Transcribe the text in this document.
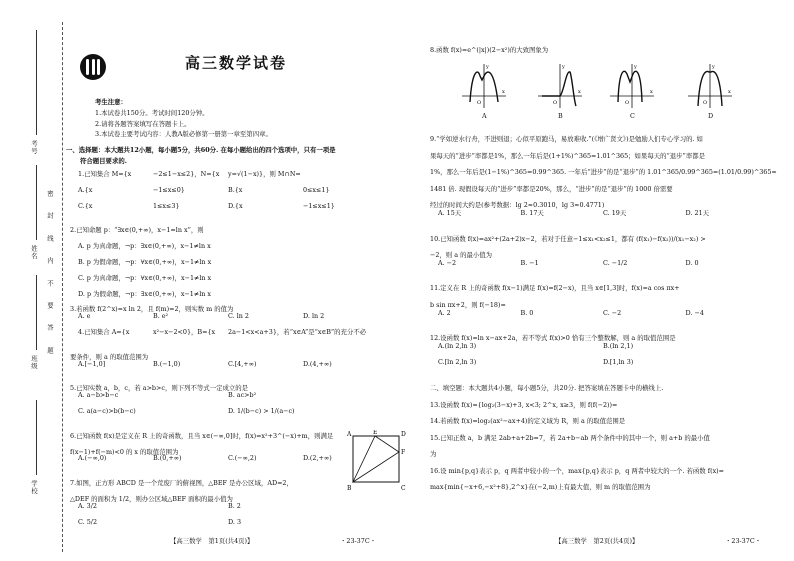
密封线内不要答题
考号
姓名
班级
学校
高三数学试卷
考生注意：
1.本试卷共150分。考试时间120分钟。
2.请将各题答案填写在答题卡上。
3.本试卷主要考试内容：人教A版必修第一册第一章至第四章。
一、选择题：本大题共12小题，每小题5分，共60分. 在每小题给出的四个选项中，只有一项是
符合题目要求的.
1.已知集合 M={x	−2≤1−x≤2}，N={x y=√(1−x)}，则 M∩N=
A.{x	−1≤x≤0}	B.{x	0≤x≤1}
C.{x	1≤x≤3}	D.{x	−1≤x≤1}
2.已知命题 p：“∃x∈(0,+∞)，x−1=ln x”，则
A. p 为真命题，¬p：∃x∈(0,+∞)，x−1≠ln x
B. p 为假命题，¬p：∀x∈(0,+∞)，x−1≠ln x
C. p 为真命题，¬p：∀x∈(0,+∞)，x−1≠ln x
D. p 为假命题，¬p：∃x∈(0,+∞)，x−1≠ln x
3.若函数 f(2^x)=x ln 2，且 f(m)=2，则实数 m 的值为
A. e	B. e²	C. ln 2	D. ln 2
4.已知集合 A={x	x²−x−2<0}，B={x 2a−1<x<a+3}，若“x∈A”是“x∈B”的充分不必
要条件，则 a 的取值范围为
A.[−1,0]	B.(−1,0)	C.[4,+∞)	D.(4,+∞)
5.已知实数 a，b，c，若 a>b>c，则下列不等式一定成立的是
A. a−b>b−c	B. ac>b²
C. a(a−c)>b(b−c)	D. 1/(b−c) > 1/(a−c)
6.已知函数 f(x)是定义在 R 上的奇函数，且当 x∈(−∞,0]时，f(x)=x²+3^(−x)+m，则满足
f(x−1)+f(−m)<0 的 x 的取值范围为
A.(−∞,0)	B.(0,+∞)	C.(−∞,2)	D.(2,+∞)
7.如图，正方形 ABCD 是一个荒废厂的俯视图，△BEF 是办公区域，AD=2，
△DEF 的面积为 1/2，则办公区域△BEF 面积的最小值为
A. 3/2	B. 2
C. 5/2	D. 3
A	D
E
F
B	C
8.函数 f(x)=e^(|x|)(2−x²)的大致图象为
O
x
y
A
O
x
y
B
O
x
y
C
O
x
y
D
9.“学如逆水行舟，不进则退；心似平原跑马，易放难收.”(《增广贤文》)是勉励人们专心学习的. 如
果每天的“进步”率都是1%，那么一年后是(1+1%)^365=1.01^365；如果每天的“退步”率都是
1%，那么一年后是(1−1%)^365=0.99^365. 一年后“进步”的是“退步”的 1.01^365/0.99^365=(1.01/0.99)^365≈
1481 倍. 现假设每天的“进步”率都是20%，那么，“进步”的是“退步”的 1000 倍需要
经过的时间大约是(参考数据：lg 2≈0.3010，lg 3≈0.4771)
A. 15天	B. 17天	C. 19天	D. 21天
10.已知函数 f(x)=ax²+(2a+2)x−2，若对于任意−1≤x₁<x₂≤1，都有 (f(x₁)−f(x₂))/(x₁−x₂) >
−2，则 a 的最小值为
A. −2	B. −1	C. −1/2	D. 0
11.定义在 R 上的奇函数 f(x−1)满足 f(x)=f(2−x)，且当 x∈[1,3]时，f(x)=a cos πx+
b sin πx+2，则 f(−18)=
A. 2	B. 0	C. −2	D. −4
12.设函数 f(x)=ln x−ax+2a，若不等式 f(x)>0 恰有三个整数解，则 a 的取值范围是
A.(ln 2,ln 3)	B.(ln 2,1)
C.[ln 2,ln 3)	D.[1,ln 3)
二、填空题：本大题共4小题，每小题5分，共20分. 把答案填在答题卡中的横线上.
13.设函数 f(x)={log₂(3−x)+3, x<3; 2^x, x≥3，则 f(f(−2))=
14.若函数 f(x)=log₂(ax²−ax+4)的定义域为 R，则 a 的取值范围是
15.已知正数 a，b 满足 2ab+a+2b=7，若 2a+b−ab 两个条件中的其中一个，则 a+b 的最小值
为
16.设 min{p,q}表示 p，q 两者中较小的一个，max{p,q}表示 p，q 两者中较大的一个. 若函数 f(x)=
max{min{−x+6,−x²+8},2^x}在(−2,m)上有最大值，则 m 的取值范围为
【高三数学　第1页(共4页)】	・23-37C・	【高三数学　第2页(共4页)】	・23-37C・
